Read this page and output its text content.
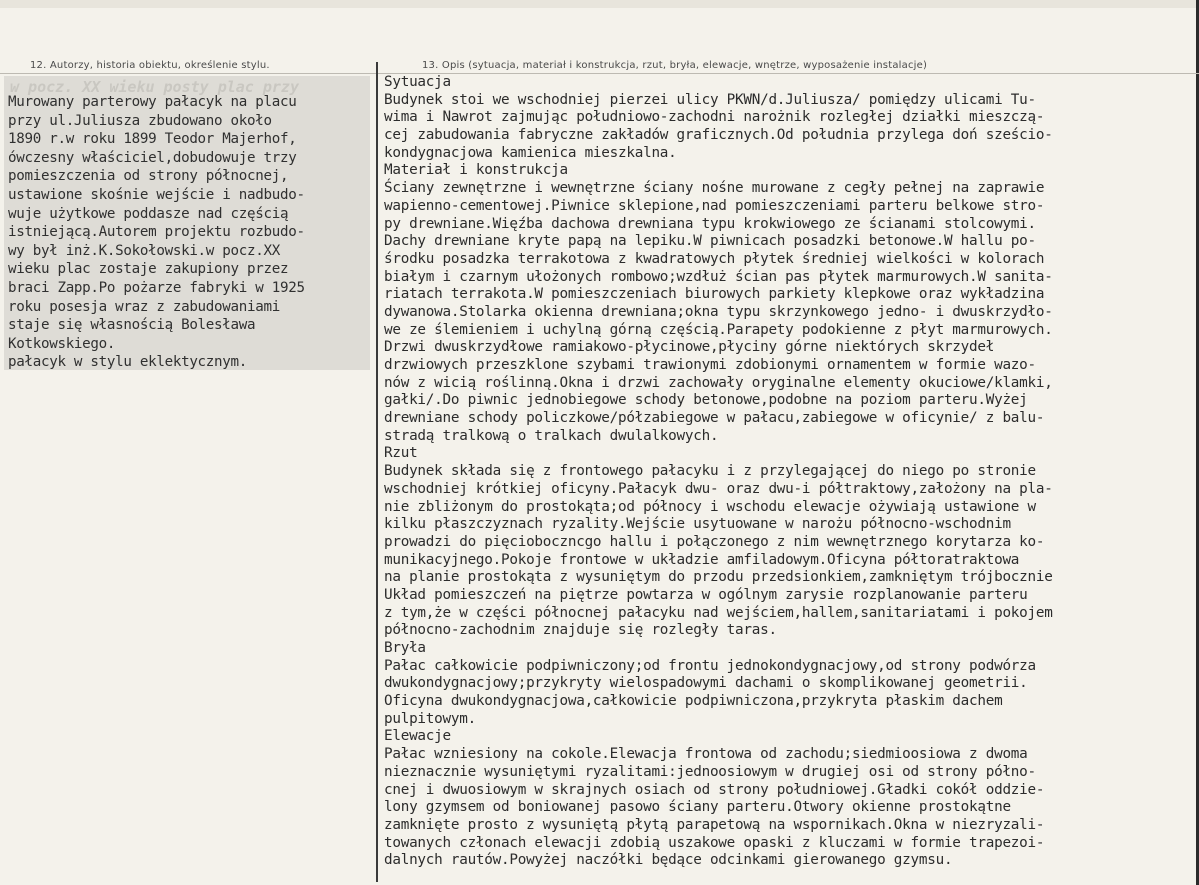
12. Autorzy, historia obiektu, określenie stylu.	13. Opis (sytuacja, materiał i konstrukcja, rzut, bryła, elewacje, wnętrze, wyposażenie instalacje)
w pocz. XX wieku posty plac przy
Murowany parterowy pałacyk na placu
przy ul.Juliusza zbudowano około
1890 r.w roku 1899 Teodor Majerhof,
ówczesny właściciel,dobudowuje trzy
pomieszczenia od strony północnej,
ustawione skośnie wejście i nadbudo-
wuje użytkowe poddasze nad częścią
istniejącą.Autorem projektu rozbudo-
wy był inż.K.Sokołowski.w pocz.XX
wieku plac zostaje zakupiony przez
braci Zapp.Po pożarze fabryki w 1925
roku posesja wraz z zabudowaniami
staje się własnością Bolesława
Kotkowskiego.
pałacyk w stylu eklektycznym.
Sytuacja
Budynek stoi we wschodniej pierzei ulicy PKWN/d.Juliusza/ pomiędzy ulicami Tu-
wima i Nawrot zajmując południowo-zachodni narożnik rozległej działki mieszczą-
cej zabudowania fabryczne zakładów graficznych.Od południa przylega doń sześcio-
kondygnacjowa kamienica mieszkalna.
Materiał i konstrukcja
Ściany zewnętrzne i wewnętrzne ściany nośne murowane z cegły pełnej na zaprawie
wapienno-cementowej.Piwnice sklepione,nad pomieszczeniami parteru belkowe stro-
py drewniane.Więźba dachowa drewniana typu krokwiowego ze ścianami stolcowymi.
Dachy drewniane kryte papą na lepiku.W piwnicach posadzki betonowe.W hallu po-
środku posadzka terrakotowa z kwadratowych płytek średniej wielkości w kolorach
białym i czarnym ułożonych rombowo;wzdłuż ścian pas płytek marmurowych.W sanita-
riatach terrakota.W pomieszczeniach biurowych parkiety klepkowe oraz wykładzina
dywanowa.Stolarka okienna drewniana;okna typu skrzynkowego jedno- i dwuskrzydło-
we ze ślemieniem i uchylną górną częścią.Parapety podokienne z płyt marmurowych.
Drzwi dwuskrzydłowe ramiakowo-płycinowe,płyciny górne niektórych skrzydeł
drzwiowych przeszklone szybami trawionymi zdobionymi ornamentem w formie wazo-
nów z wicią roślinną.Okna i drzwi zachowały oryginalne elementy okuciowe/klamki,
gałki/.Do piwnic jednobiegowe schody betonowe,podobne na poziom parteru.Wyżej
drewniane schody policzkowe/półzabiegowe w pałacu,zabiegowe w oficynie/ z balu-
stradą tralkową o tralkach dwulalkowych.
Rzut
Budynek składa się z frontowego pałacyku i z przylegającej do niego po stronie
wschodniej krótkiej oficyny.Pałacyk dwu- oraz dwu-i półtraktowy,założony na pla-
nie zbliżonym do prostokąta;od północy i wschodu elewacje ożywiają ustawione w
kilku płaszczyznach ryzality.Wejście usytuowane w narożu północno-wschodnim
prowadzi do pięcioboczncgo hallu i połączonego z nim wewnętrznego korytarza ko-
munikacyjnego.Pokoje frontowe w układzie amfiladowym.Oficyna półtoratraktowa
na planie prostokąta z wysuniętym do przodu przedsionkiem,zamkniętym trójbocznie
Układ pomieszczeń na piętrze powtarza w ogólnym zarysie rozplanowanie parteru
z tym,że w części północnej pałacyku nad wejściem,hallem,sanitariatami i pokojem
północno-zachodnim znajduje się rozległy taras.
Bryła
Pałac całkowicie podpiwniczony;od frontu jednokondygnacjowy,od strony podwórza
dwukondygnacjowy;przykryty wielospadowymi dachami o skomplikowanej geometrii.
Oficyna dwukondygnacjowa,całkowicie podpiwniczona,przykryta płaskim dachem
pulpitowym.
Elewacje
Pałac wzniesiony na cokole.Elewacja frontowa od zachodu;siedmioosiowa z dwoma
nieznacznie wysuniętymi ryzalitami:jednoosiowym w drugiej osi od strony półno-
cnej i dwuosiowym w skrajnych osiach od strony południowej.Gładki cokół oddzie-
lony gzymsem od boniowanej pasowo ściany parteru.Otwory okienne prostokątne
zamknięte prosto z wysuniętą płytą parapetową na wspornikach.Okna w niezryzali-
towanych członach elewacji zdobią uszakowe opaski z kluczami w formie trapezoi-
dalnych rautów.Powyżej naczółki będące odcinkami gierowanego gzymsu.
